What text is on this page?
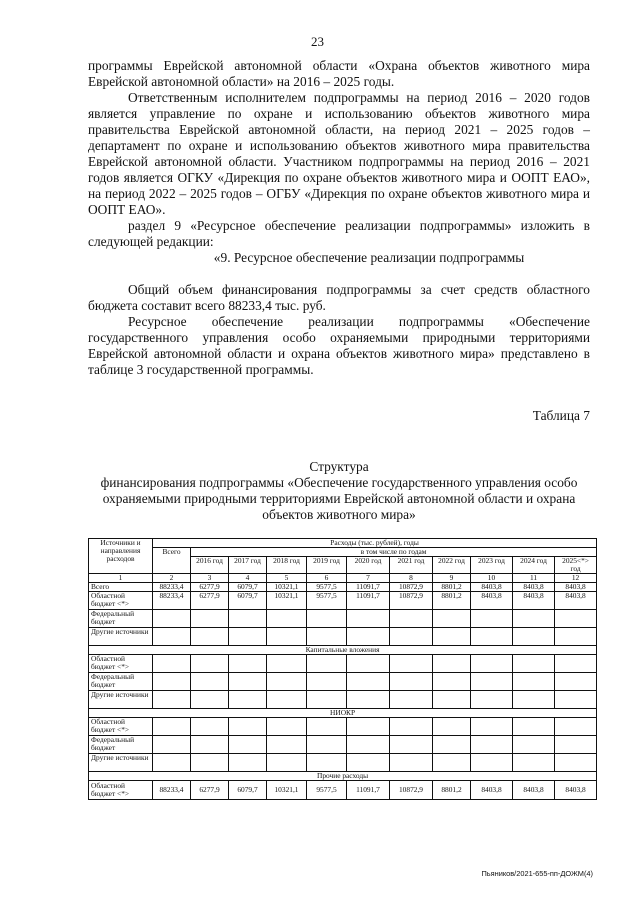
23

программы Еврейской автономной области «Охрана объектов животного мира Еврейской автономной области» на 2016 – 2025 годы.

Ответственным исполнителем подпрограммы на период 2016 – 2020 годов является управление по охране и использованию объектов животного мира правительства Еврейской автономной области, на период 2021 – 2025 годов – департамент по охране и использованию объектов животного мира правительства Еврейской автономной области. Участником подпрограммы на период 2016 – 2021 годов является ОГКУ «Дирекция по охране объектов животного мира и ООПТ ЕАО», на период 2022 – 2025 годов – ОГБУ «Дирекция по охране объектов животного мира и ООПТ ЕАО».

раздел 9 «Ресурсное обеспечение реализации подпрограммы» изложить в следующей редакции:

«9. Ресурсное обеспечение реализации подпрограммы

Общий объем финансирования подпрограммы за счет средств областного бюджета составит всего 88233,4 тыс. руб.

Ресурсное обеспечение реализации подпрограммы «Обеспечение государственного управления особо охраняемыми природными территориями Еврейской автономной области и охрана объектов животного мира» представлено в таблице 3 государственной программы.

Таблица 7
Структура
финансирования подпрограммы «Обеспечение государственного управления особо охраняемыми природными территориями Еврейской автономной области и охрана объектов животного мира»
Источники и направления расходов	Расходы (тыс. рублей), годы										
	Всего	в том числе по годам									
		2016 год	2017 год	2018 год	2019 год	2020 год	2021 год	2022 год	2023 год	2024 год	2025<*> год
1	2	3	4	5	6	7	8	9	10	11	12
Всего	88233,4	6277,9	6079,7	10321,1	9577,5	11091,7	10872,9	8801,2	8403,8	8403,8	8403,8
Областной бюджет <*>	88233,4	6277,9	6079,7	10321,1	9577,5	11091,7	10872,9	8801,2	8403,8	8403,8	8403,8
Федеральный бюджет											
Другие источники											
Капитальные вложения											
Областной бюджет <*>											
Федеральный бюджет											
Другие источники											
НИОКР											
Областной бюджет <*>											
Федеральный бюджет											
Другие источники											
Прочие расходы											
Областной бюджет <*>	88233,4	6277,9	6079,7	10321,1	9577,5	11091,7	10872,9	8801,2	8403,8	8403,8	8403,8
Пьяников/2021-655-пп-ДОЖМ(4)
